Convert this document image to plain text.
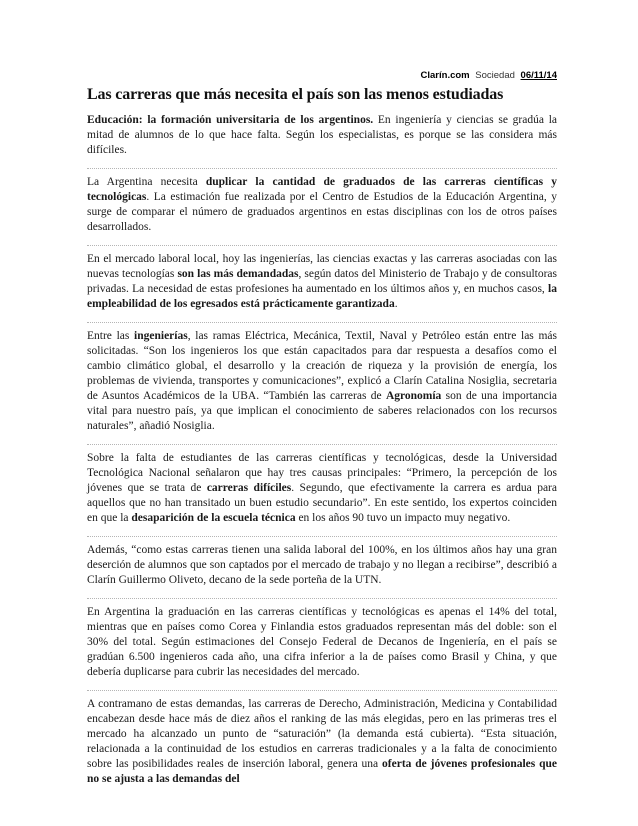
Clarín.com Sociedad 06/11/14
Las carreras que más necesita el país son las menos estudiadas

Educación: la formación universitaria de los argentinos. En ingeniería y ciencias se gradúa la mitad de alumnos de lo que hace falta. Según los especialistas, es porque se las considera más difíciles.

La Argentina necesita duplicar la cantidad de graduados de las carreras científicas y tecnológicas. La estimación fue realizada por el Centro de Estudios de la Educación Argentina, y surge de comparar el número de graduados argentinos en estas disciplinas con los de otros países desarrollados.

En el mercado laboral local, hoy las ingenierías, las ciencias exactas y las carreras asociadas con las nuevas tecnologías son las más demandadas, según datos del Ministerio de Trabajo y de consultoras privadas. La necesidad de estas profesiones ha aumentado en los últimos años y, en muchos casos, la empleabilidad de los egresados está prácticamente garantizada.

Entre las ingenierías, las ramas Eléctrica, Mecánica, Textil, Naval y Petróleo están entre las más solicitadas. “Son los ingenieros los que están capacitados para dar respuesta a desafíos como el cambio climático global, el desarrollo y la creación de riqueza y la provisión de energía, los problemas de vivienda, transportes y comunicaciones”, explicó a Clarín Catalina Nosiglia, secretaria de Asuntos Académicos de la UBA. “También las carreras de Agronomía son de una importancia vital para nuestro país, ya que implican el conocimiento de saberes relacionados con los recursos naturales”, añadió Nosiglia.

Sobre la falta de estudiantes de las carreras científicas y tecnológicas, desde la Universidad Tecnológica Nacional señalaron que hay tres causas principales: “Primero, la percepción de los jóvenes que se trata de carreras difíciles. Segundo, que efectivamente la carrera es ardua para aquellos que no han transitado un buen estudio secundario”. En este sentido, los expertos coinciden en que la desaparición de la escuela técnica en los años 90 tuvo un impacto muy negativo.

Además, “como estas carreras tienen una salida laboral del 100%, en los últimos años hay una gran deserción de alumnos que son captados por el mercado de trabajo y no llegan a recibirse”, describió a Clarín Guillermo Oliveto, decano de la sede porteña de la UTN.

En Argentina la graduación en las carreras científicas y tecnológicas es apenas el 14% del total, mientras que en países como Corea y Finlandia estos graduados representan más del doble: son el 30% del total. Según estimaciones del Consejo Federal de Decanos de Ingeniería, en el país se gradúan 6.500 ingenieros cada año, una cifra inferior a la de países como Brasil y China, y que debería duplicarse para cubrir las necesidades del mercado.

A contramano de estas demandas, las carreras de Derecho, Administración, Medicina y Contabilidad encabezan desde hace más de diez años el ranking de las más elegidas, pero en las primeras tres el mercado ha alcanzado un punto de “saturación” (la demanda está cubierta). “Esta situación, relacionada a la continuidad de los estudios en carreras tradicionales y a la falta de conocimiento sobre las posibilidades reales de inserción laboral, genera una oferta de jóvenes profesionales que no se ajusta a las demandas del
